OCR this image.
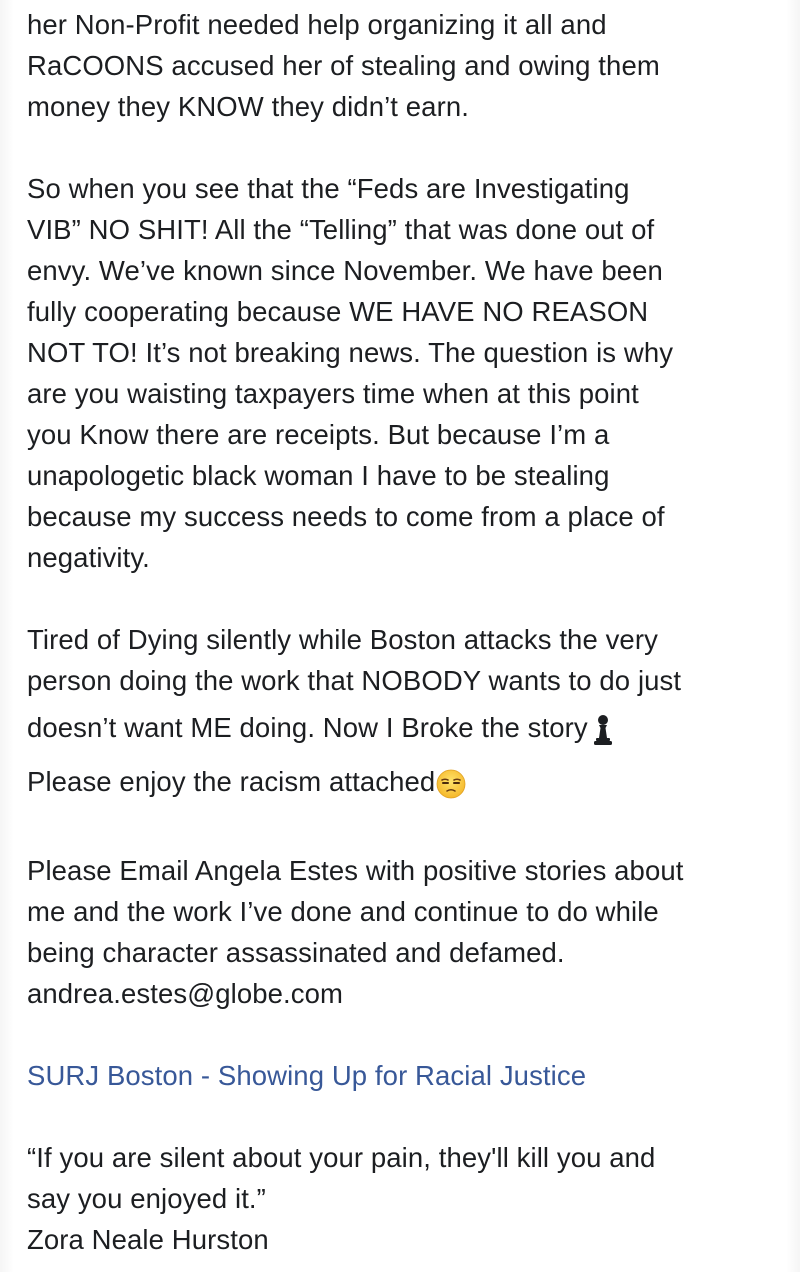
her Non-Profit needed help organizing it all and
RaCOONS accused her of stealing and owing them
money they KNOW they didn’t earn.
So when you see that the “Feds are Investigating
VIB” NO SHIT! All the “Telling” that was done out of
envy. We’ve known since November. We have been
fully cooperating because WE HAVE NO REASON
NOT TO! It’s not breaking news. The question is why
are you waisting taxpayers time when at this point
you Know there are receipts. But because I’m a
unapologetic black woman I have to be stealing
because my success needs to come from a place of
negativity.
Tired of Dying silently while Boston attacks the very
person doing the work that NOBODY wants to do just
doesn’t want ME doing. Now I Broke the story
Please enjoy the racism attached
Please Email Angela Estes with positive stories about
me and the work I’ve done and continue to do while
being character assassinated and defamed.
andrea.estes@globe.com
SURJ Boston - Showing Up for Racial Justice
“If you are silent about your pain, they'll kill you and
say you enjoyed it.”
Zora Neale Hurston
